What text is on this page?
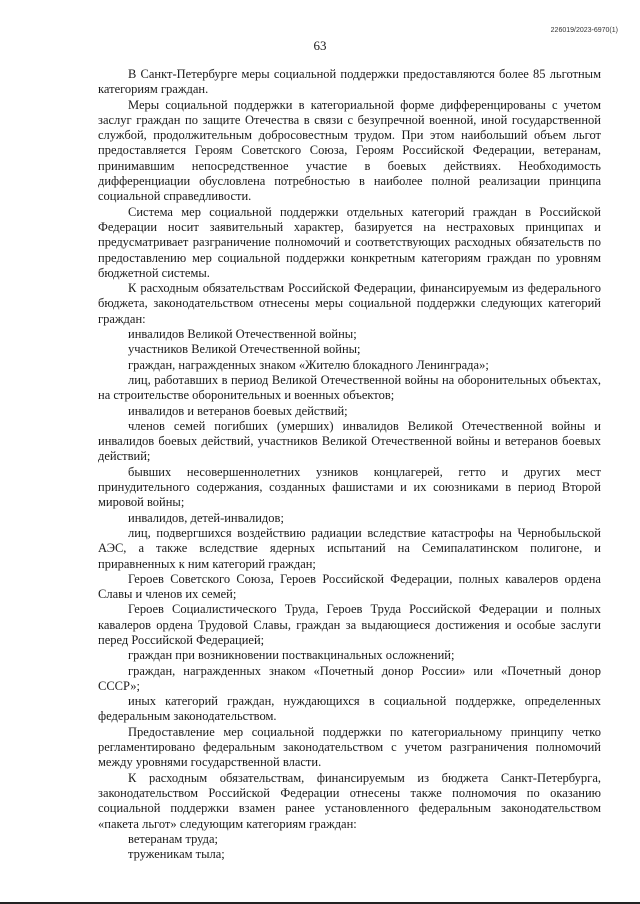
226019/2023-6970(1)
63

В Санкт-Петербурге меры социальной поддержки предоставляются более 85 льготным категориям граждан.

Меры социальной поддержки в категориальной форме дифференцированы с учетом заслуг граждан по защите Отечества в связи с безупречной военной, иной государственной службой, продолжительным добросовестным трудом. При этом наибольший объем льгот предоставляется Героям Советского Союза, Героям Российской Федерации, ветеранам, принимавшим непосредственное участие в боевых действиях. Необходимость дифференциации обусловлена потребностью в наиболее полной реализации принципа социальной справедливости.

Система мер социальной поддержки отдельных категорий граждан в Российской Федерации носит заявительный характер, базируется на нестраховых принципах и предусматривает разграничение полномочий и соответствующих расходных обязательств по предоставлению мер социальной поддержки конкретным категориям граждан по уровням бюджетной системы.

К расходным обязательствам Российской Федерации, финансируемым из федерального бюджета, законодательством отнесены меры социальной поддержки следующих категорий граждан:

инвалидов Великой Отечественной войны;

участников Великой Отечественной войны;

граждан, награжденных знаком «Жителю блокадного Ленинграда»;

лиц, работавших в период Великой Отечественной войны на оборонительных объектах, на строительстве оборонительных и военных объектов;

инвалидов и ветеранов боевых действий;

членов семей погибших (умерших) инвалидов Великой Отечественной войны и инвалидов боевых действий, участников Великой Отечественной войны и ветеранов боевых действий;

бывших несовершеннолетних узников концлагерей, гетто и других мест принудительного содержания, созданных фашистами и их союзниками в период Второй мировой войны;

инвалидов, детей-инвалидов;

лиц, подвергшихся воздействию радиации вследствие катастрофы на Чернобыльской АЭС, а также вследствие ядерных испытаний на Семипалатинском полигоне, и приравненных к ним категорий граждан;

Героев Советского Союза, Героев Российской Федерации, полных кавалеров ордена Славы и членов их семей;

Героев Социалистического Труда, Героев Труда Российской Федерации и полных кавалеров ордена Трудовой Славы, граждан за выдающиеся достижения и особые заслуги перед Российской Федерацией;

граждан при возникновении поствакцинальных осложнений;

граждан, награжденных знаком «Почетный донор России» или «Почетный донор СССР»;

иных категорий граждан, нуждающихся в социальной поддержке, определенных федеральным законодательством.

Предоставление мер социальной поддержки по категориальному принципу четко регламентировано федеральным законодательством с учетом разграничения полномочий между уровнями государственной власти.

К расходным обязательствам, финансируемым из бюджета Санкт-Петербурга, законодательством Российской Федерации отнесены также полномочия по оказанию социальной поддержки взамен ранее установленного федеральным законодательством «пакета льгот» следующим категориям граждан:

ветеранам труда;

труженикам тыла;
